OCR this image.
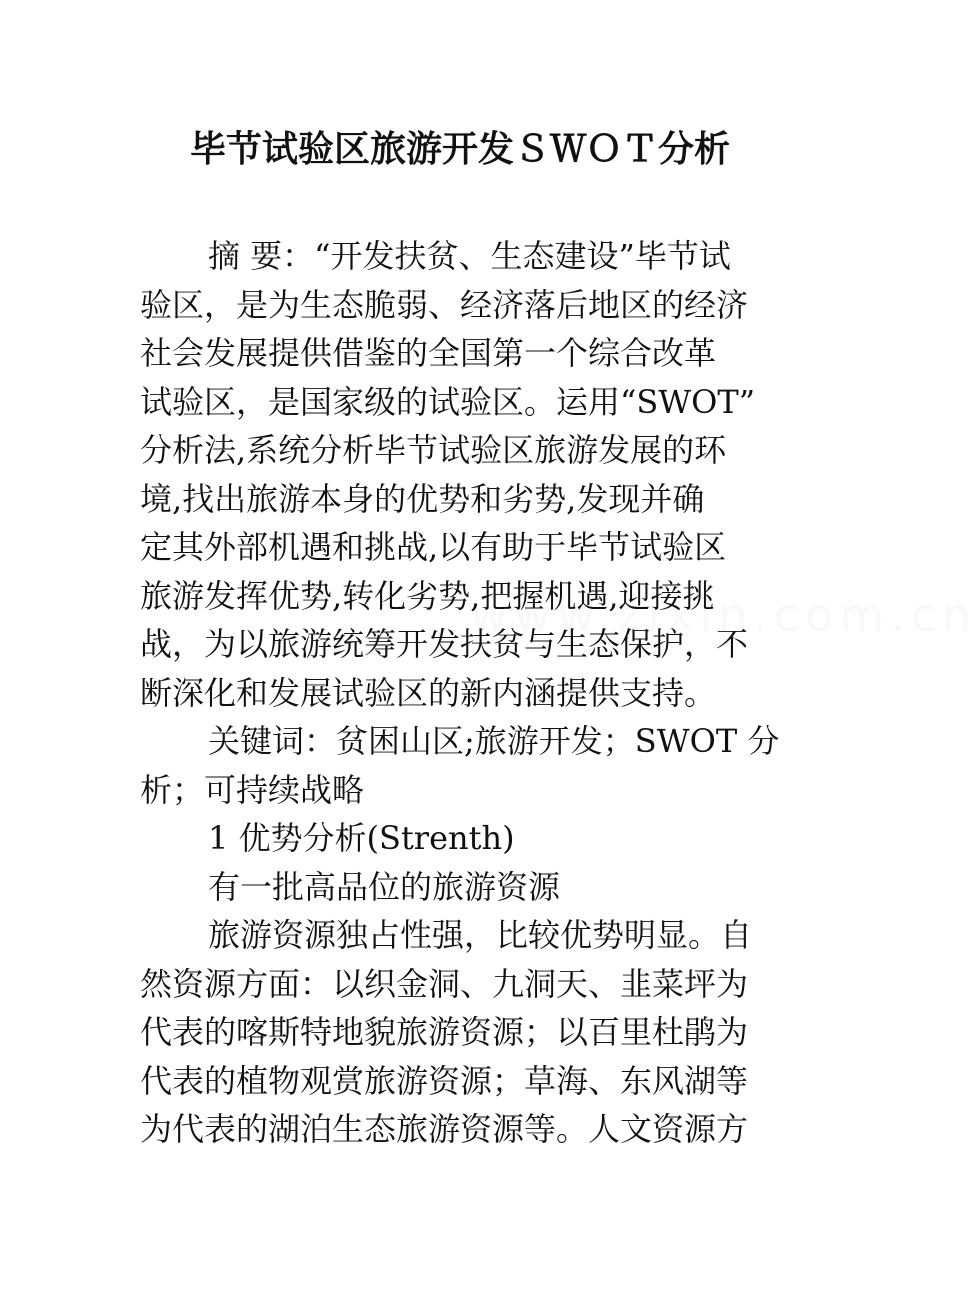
www.zixin.com.cn
毕节试验区旅游开发ＳＷＯＴ分析

摘 要：“开发扶贫、生态建设”毕节试

验区，是为生态脆弱、经济落后地区的经济

社会发展提供借鉴的全国第一个综合改革

试验区，是国家级的试验区。运用“SWOT”

分析法,系统分析毕节试验区旅游发展的环

境,找出旅游本身的优势和劣势,发现并确

定其外部机遇和挑战,以有助于毕节试验区

旅游发挥优势,转化劣势,把握机遇,迎接挑

战，为以旅游统筹开发扶贫与生态保护，不

断深化和发展试验区的新内涵提供支持。

关键词：贫困山区;旅游开发；SWOT 分

析；可持续战略

1 优势分析(Strenth)

有一批高品位的旅游资源

旅游资源独占性强，比较优势明显。自

然资源方面：以织金洞、九洞天、韭菜坪为

代表的喀斯特地貌旅游资源；以百里杜鹃为

代表的植物观赏旅游资源；草海、东风湖等

为代表的湖泊生态旅游资源等。人文资源方
